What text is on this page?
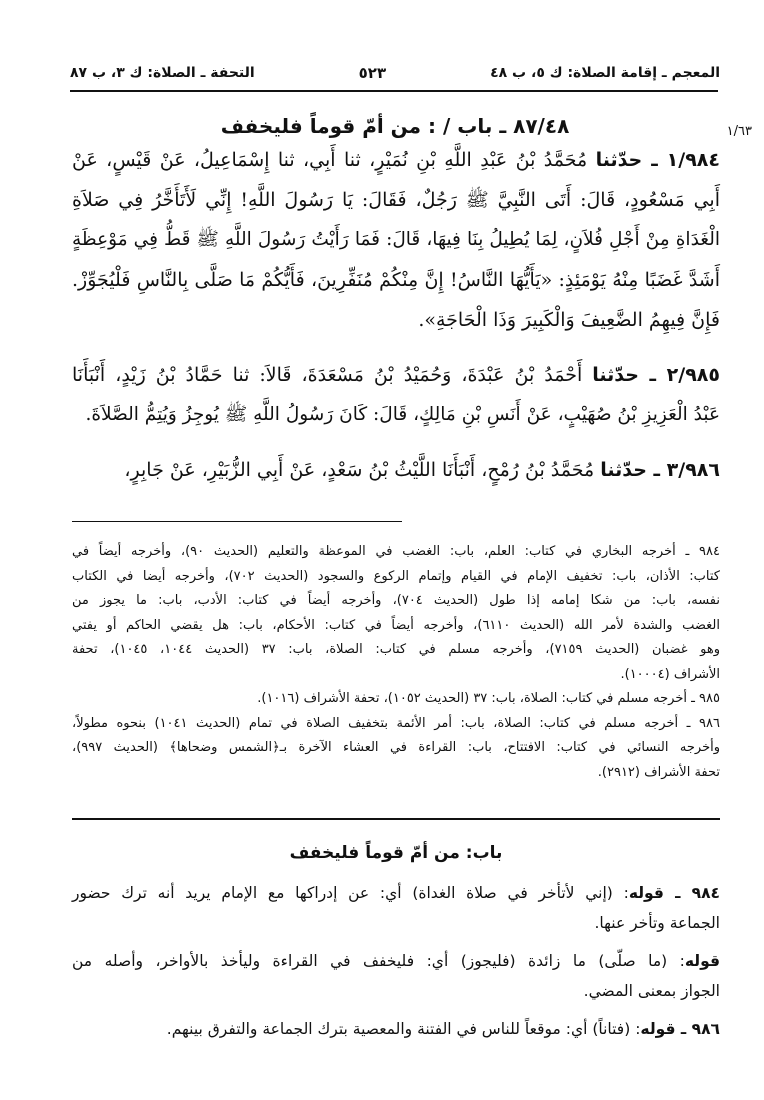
المعجم ـ إقامة الصلاة: ك ٥، ب ٤٨
٥٢٣
التحفة ـ الصلاة: ك ٣، ب ٨٧
١/٦٣
٨٧/٤٨ ـ باب / : من أمّ قوماً فليخفف
١/٩٨٤ ـ حدّثنا مُحَمَّدُ بْنُ عَبْدِ اللَّهِ بْنِ نُمَيْرٍ، ثنا أَبِي، ثنا إِسْمَاعِيلُ، عَنْ قَيْسٍ، عَنْ
أَبِي مَسْعُودٍ، قَالَ: أَتَى النَّبِيَّ ﷺ رَجُلٌ، فَقَالَ: يَا رَسُولَ اللَّهِ! إِنِّي لَأَتَأَخَّرُ فِي صَلاَةِ
الْغَدَاةِ مِنْ أَجْلِ فُلاَنٍ، لِمَا يُطِيلُ بِنَا فِيهَا، قَالَ: فَمَا رَأَيْتُ رَسُولَ اللَّهِ ﷺ قَطُّ فِي مَوْعِظَةٍ
أَشَدَّ غَضَبًا مِنْهُ يَوْمَئِذٍ: «يَأَيُّهَا النَّاسُ! إِنَّ مِنْكُمْ مُنَفِّرِينَ، فَأَيُّكُمْ مَا صَلَّى بِالنَّاسِ فَلْيُجَوِّزْ.
فَإِنَّ فِيهِمُ الضَّعِيفَ وَالْكَبِيرَ وَذَا الْحَاجَةِ».
٢/٩٨٥ ـ حدّثنا أَحْمَدُ بْنُ عَبْدَةَ، وَحُمَيْدُ بْنُ مَسْعَدَةَ، قَالاَ: ثنا حَمَّادُ بْنُ زَيْدٍ، أَنْبَأَنَا
عَبْدُ الْعَزِيزِ بْنُ صُهَيْبٍ، عَنْ أَنَسِ بْنِ مَالِكٍ، قَالَ: كَانَ رَسُولُ اللَّهِ ﷺ يُوجِزُ وَيُتِمُّ الصَّلاَةَ.
٣/٩٨٦ ـ حدّثنا مُحَمَّدُ بْنُ رُمْحٍ، أَنْبَأَنَا اللَّيْثُ بْنُ سَعْدٍ، عَنْ أَبِي الزُّبَيْرِ، عَنْ جَابِرٍ،
٩٨٤ ـ أخرجه البخاري في كتاب: العلم، باب: الغضب في الموعظة والتعليم (الحديث ٩٠)، وأخرجه أيضاً في
كتاب: الأذان، باب: تخفيف الإمام في القيام وإتمام الركوع والسجود (الحديث ٧٠٢)، وأخرجه أيضا في الكتاب
نفسه، باب: من شكا إمامه إذا طول (الحديث ٧٠٤)، وأخرجه أيضاً في كتاب: الأدب، باب: ما يجوز من
الغضب والشدة لأمر الله (الحديث ٦١١٠)، وأخرجه أيضاً في كتاب: الأحكام، باب: هل يقضي الحاكم أو يفتي
وهو غضبان (الحديث ٧١٥٩)، وأخرجه مسلم في كتاب: الصلاة، باب: ٣٧ (الحديث ١٠٤٤، ١٠٤٥)، تحفة
الأشراف (١٠٠٠٤).
٩٨٥ ـ أخرجه مسلم في كتاب: الصلاة، باب: ٣٧ (الحديث ١٠٥٢)، تحفة الأشراف (١٠١٦).
٩٨٦ ـ أخرجه مسلم في كتاب: الصلاة، باب: أمر الأئمة بتخفيف الصلاة في تمام (الحديث ١٠٤١) بنحوه مطولاً،
وأخرجه النسائي في كتاب: الافتتاح، باب: القراءة في العشاء الآخرة بـ﴿الشمس وضحاها﴾ (الحديث ٩٩٧)،
تحفة الأشراف (٢٩١٢).
باب: من أمّ قوماً فليخفف
٩٨٤ ـ قوله: (إني لأتأخر في صلاة الغداة) أي: عن إدراكها مع الإمام يريد أنه ترك حضور
الجماعة وتأخر عنها.
قوله: (ما صلّى) ما زائدة (فليجوز) أي: فليخفف في القراءة وليأخذ بالأواخر، وأصله من
الجواز بمعنى المضي.
٩٨٦ ـ قوله: (فتاناً) أي: موقعاً للناس في الفتنة والمعصية بترك الجماعة والتفرق بينهم.
